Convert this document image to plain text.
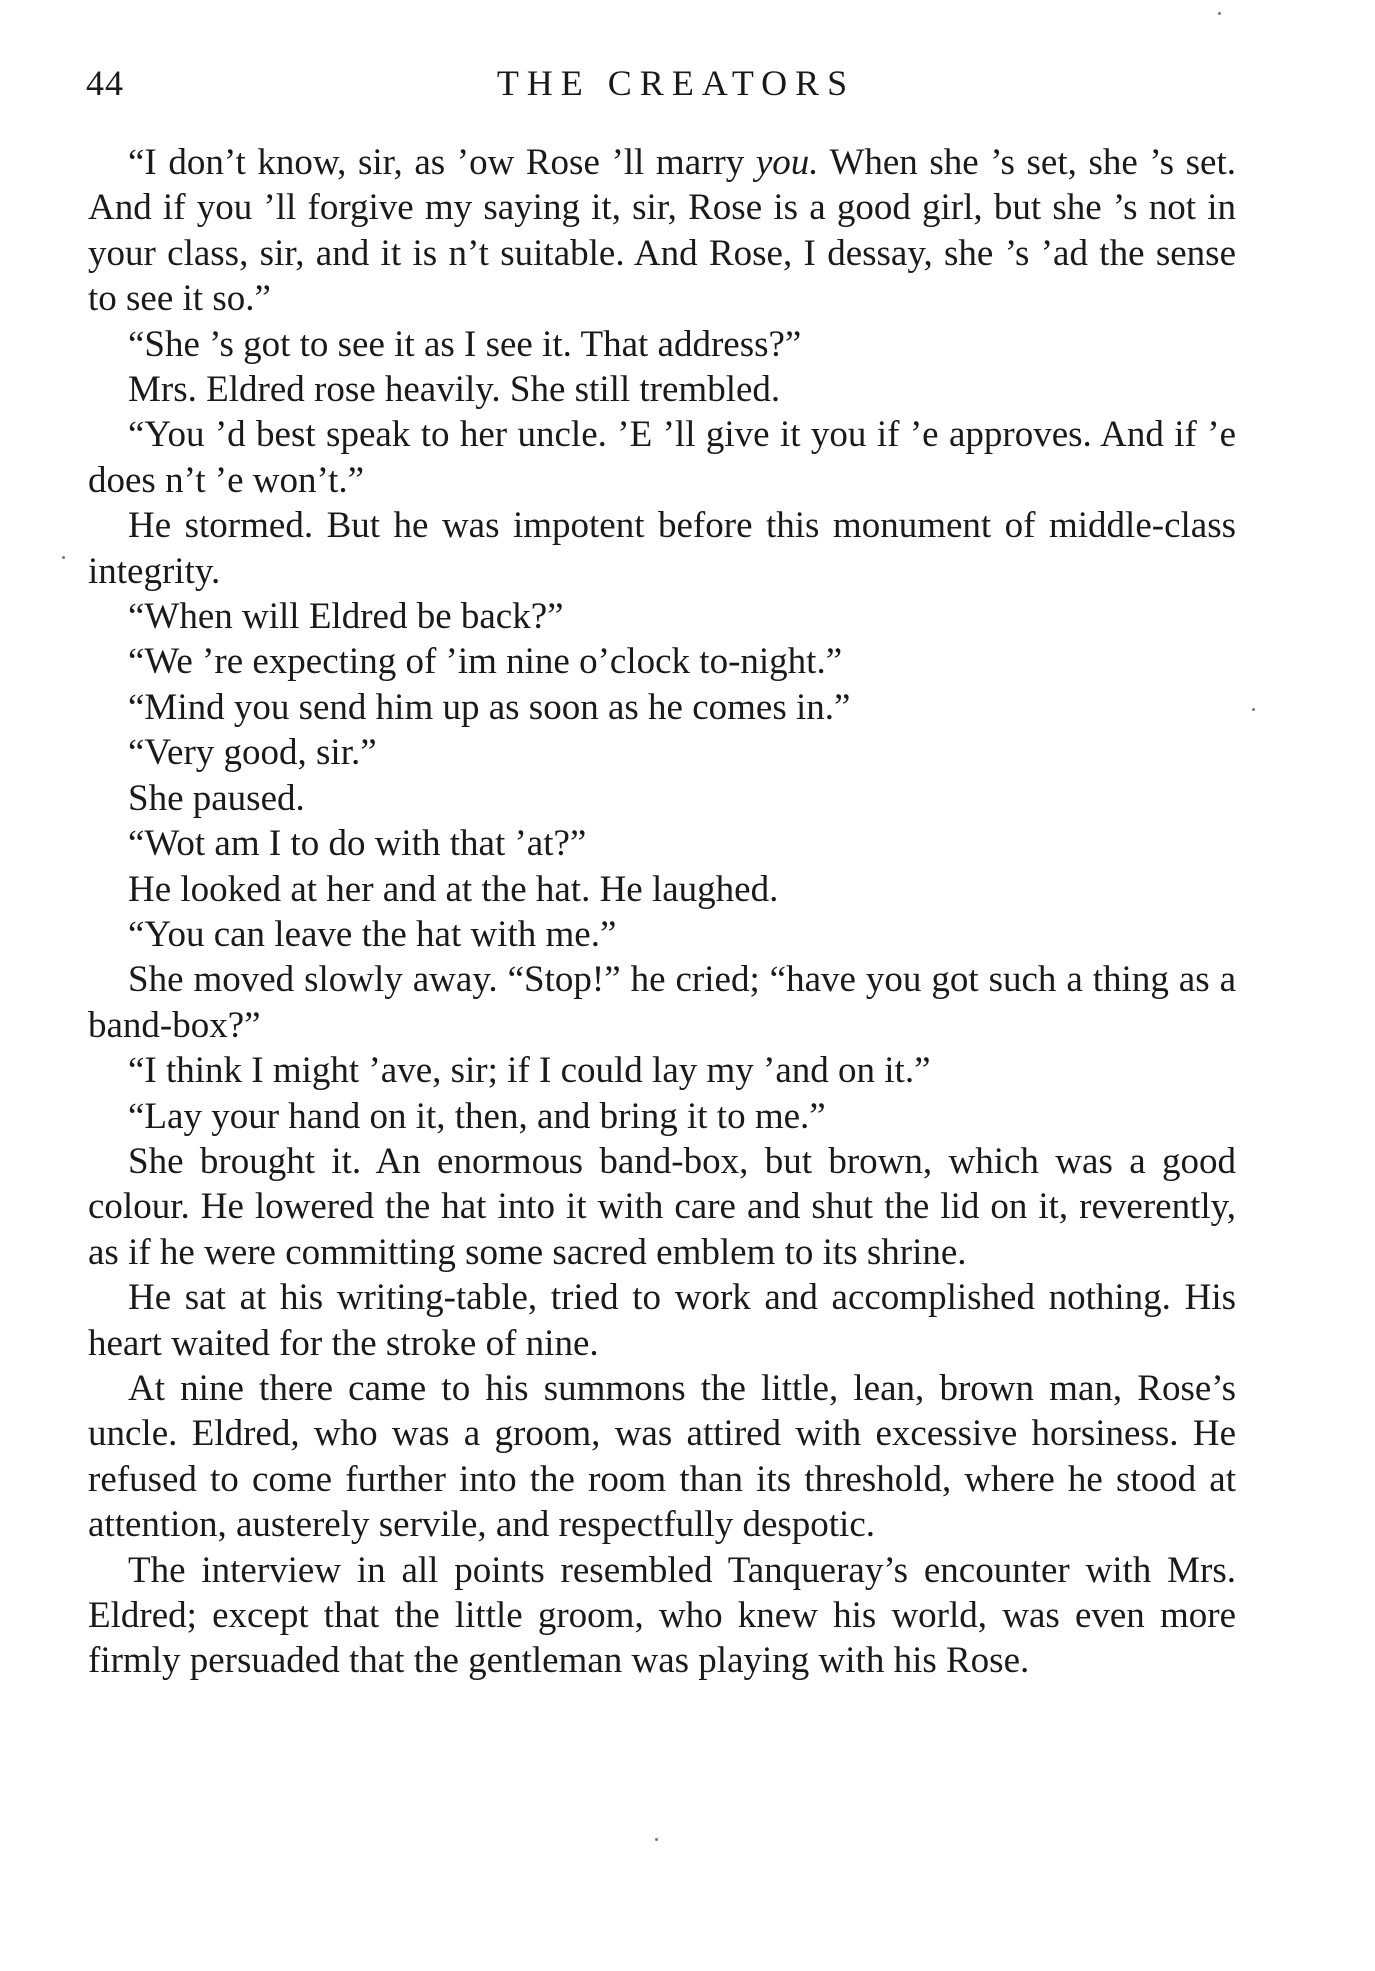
44	THE CREATORS

“I don’t know, sir, as ’ow Rose ’ll marry you. When she ’s set, she ’s set. And if you ’ll forgive my saying it, sir, Rose is a good girl, but she ’s not in your class, sir, and it is n’t suitable. And Rose, I dessay, she ’s ’ad the sense to see it so.”

“She ’s got to see it as I see it. That address?”

Mrs. Eldred rose heavily. She still trembled.

“You ’d best speak to her uncle. ’E ’ll give it you if ’e approves. And if ’e does n’t ’e won’t.”

He stormed. But he was impotent before this monument of middle-class integrity.

“When will Eldred be back?”

“We ’re expecting of ’im nine o’clock to-night.”

“Mind you send him up as soon as he comes in.”

“Very good, sir.”

She paused.

“Wot am I to do with that ’at?”

He looked at her and at the hat. He laughed.

“You can leave the hat with me.”

She moved slowly away. “Stop!” he cried; “have you got such a thing as a band-box?”

“I think I might ’ave, sir; if I could lay my ’and on it.”

“Lay your hand on it, then, and bring it to me.”

She brought it. An enormous band-box, but brown, which was a good colour. He lowered the hat into it with care and shut the lid on it, reverently, as if he were committing some sacred emblem to its shrine.

He sat at his writing-table, tried to work and accomplished nothing. His heart waited for the stroke of nine.

At nine there came to his summons the little, lean, brown man, Rose’s uncle. Eldred, who was a groom, was attired with excessive horsiness. He refused to come further into the room than its threshold, where he stood at attention, austerely servile, and respectfully despotic.

The interview in all points resembled Tanqueray’s encounter with Mrs. Eldred; except that the little groom, who knew his world, was even more firmly persuaded that the gentleman was playing with his Rose.
